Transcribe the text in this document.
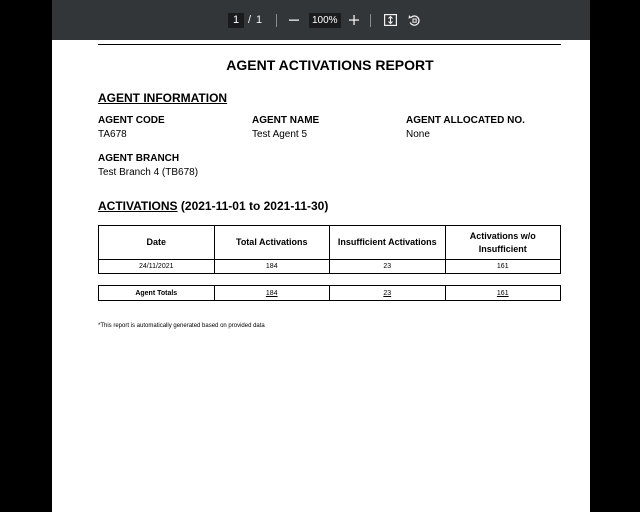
1 / 1	100%
AGENT ACTIVATIONS REPORT
AGENT INFORMATION
AGENT CODE
TA678
AGENT NAME
Test Agent 5
AGENT ALLOCATED NO.
None
AGENT BRANCH
Test Branch 4 (TB678)
ACTIVATIONS (2021-11-01 to 2021-11-30)
Date	Total Activations	Insufficient Activations	Activations w/o Insufficient
24/11/2021	184	23	161
Agent Totals	184	23	161
*This report is automatically generated based on provided data
